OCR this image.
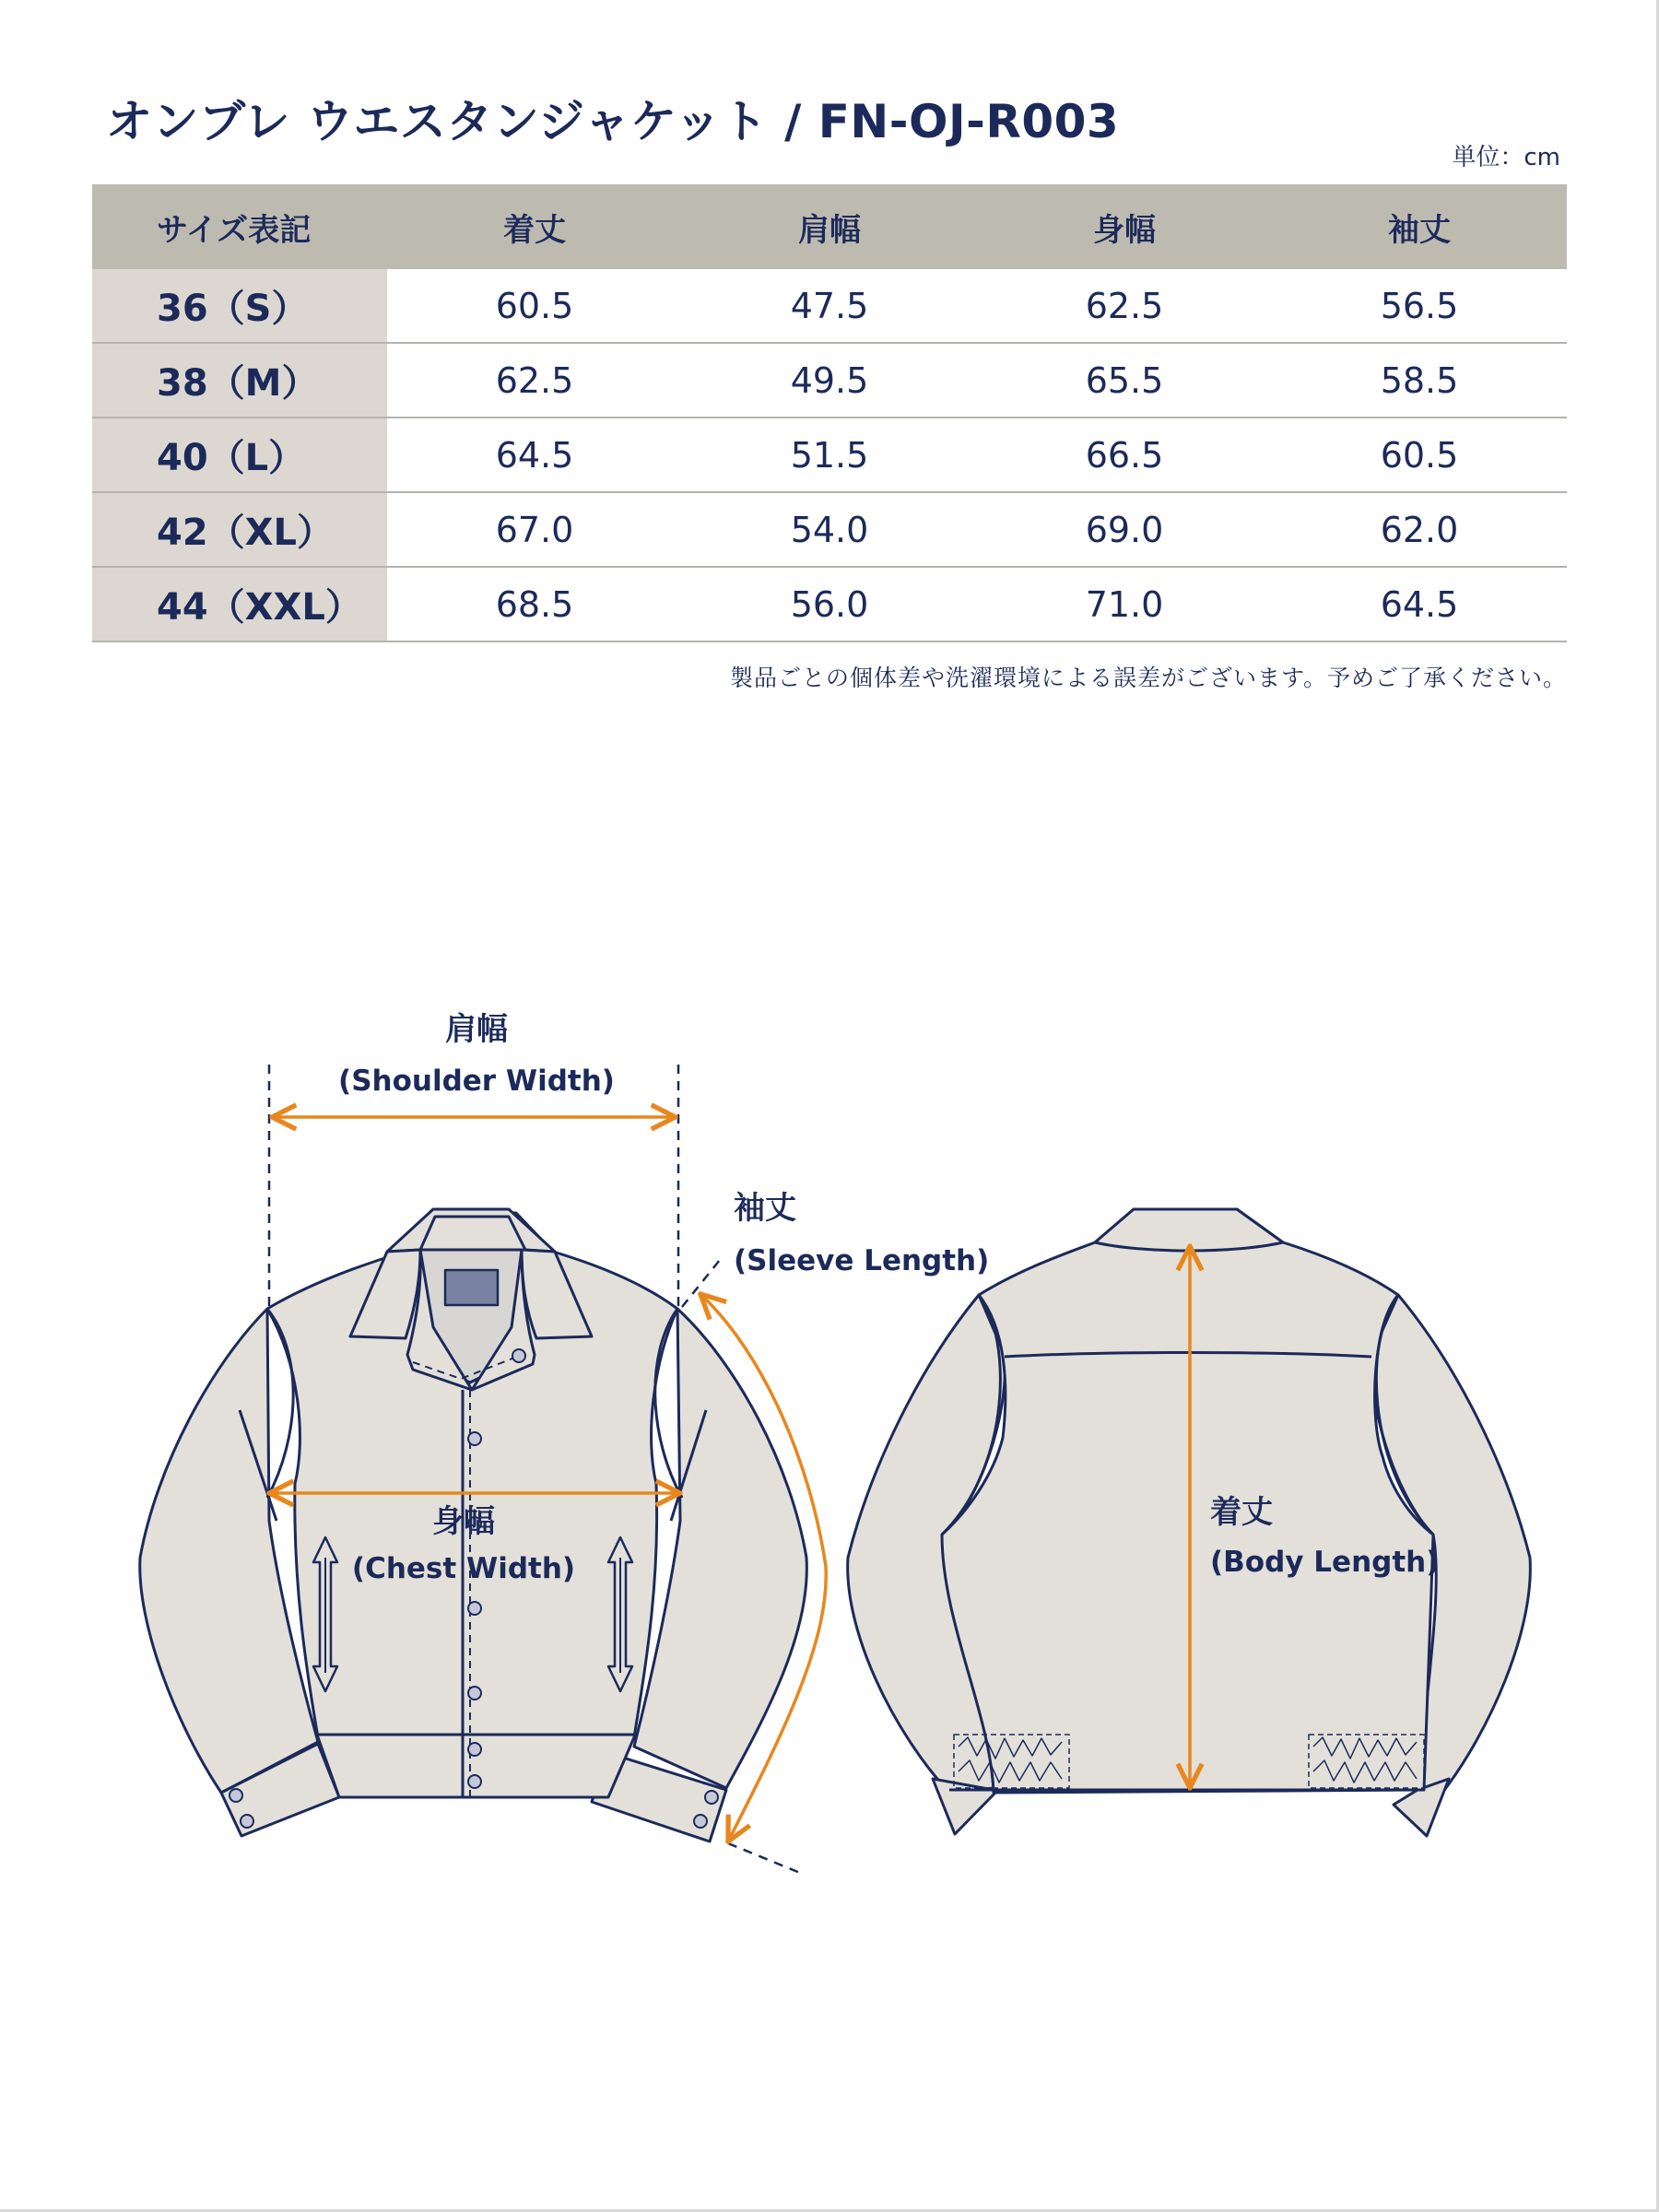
オンブレ ウエスタンジャケット / FN-OJ-R003
単位：cm
サイズ表記	着丈	肩幅	身幅	袖丈
36（S）	60.5	47.5	62.5	56.5
38（M）	62.5	49.5	65.5	58.5
40（L）	64.5	51.5	66.5	60.5
42（XL）	67.0	54.0	69.0	62.0
44（XXL）	68.5	56.0	71.0	64.5
製品ごとの個体差や洗濯環境による誤差がございます。予めご了承ください。
肩幅
(Shoulder Width)
身幅
(Chest Width)
袖丈
(Sleeve Length)
着丈
(Body Length)
